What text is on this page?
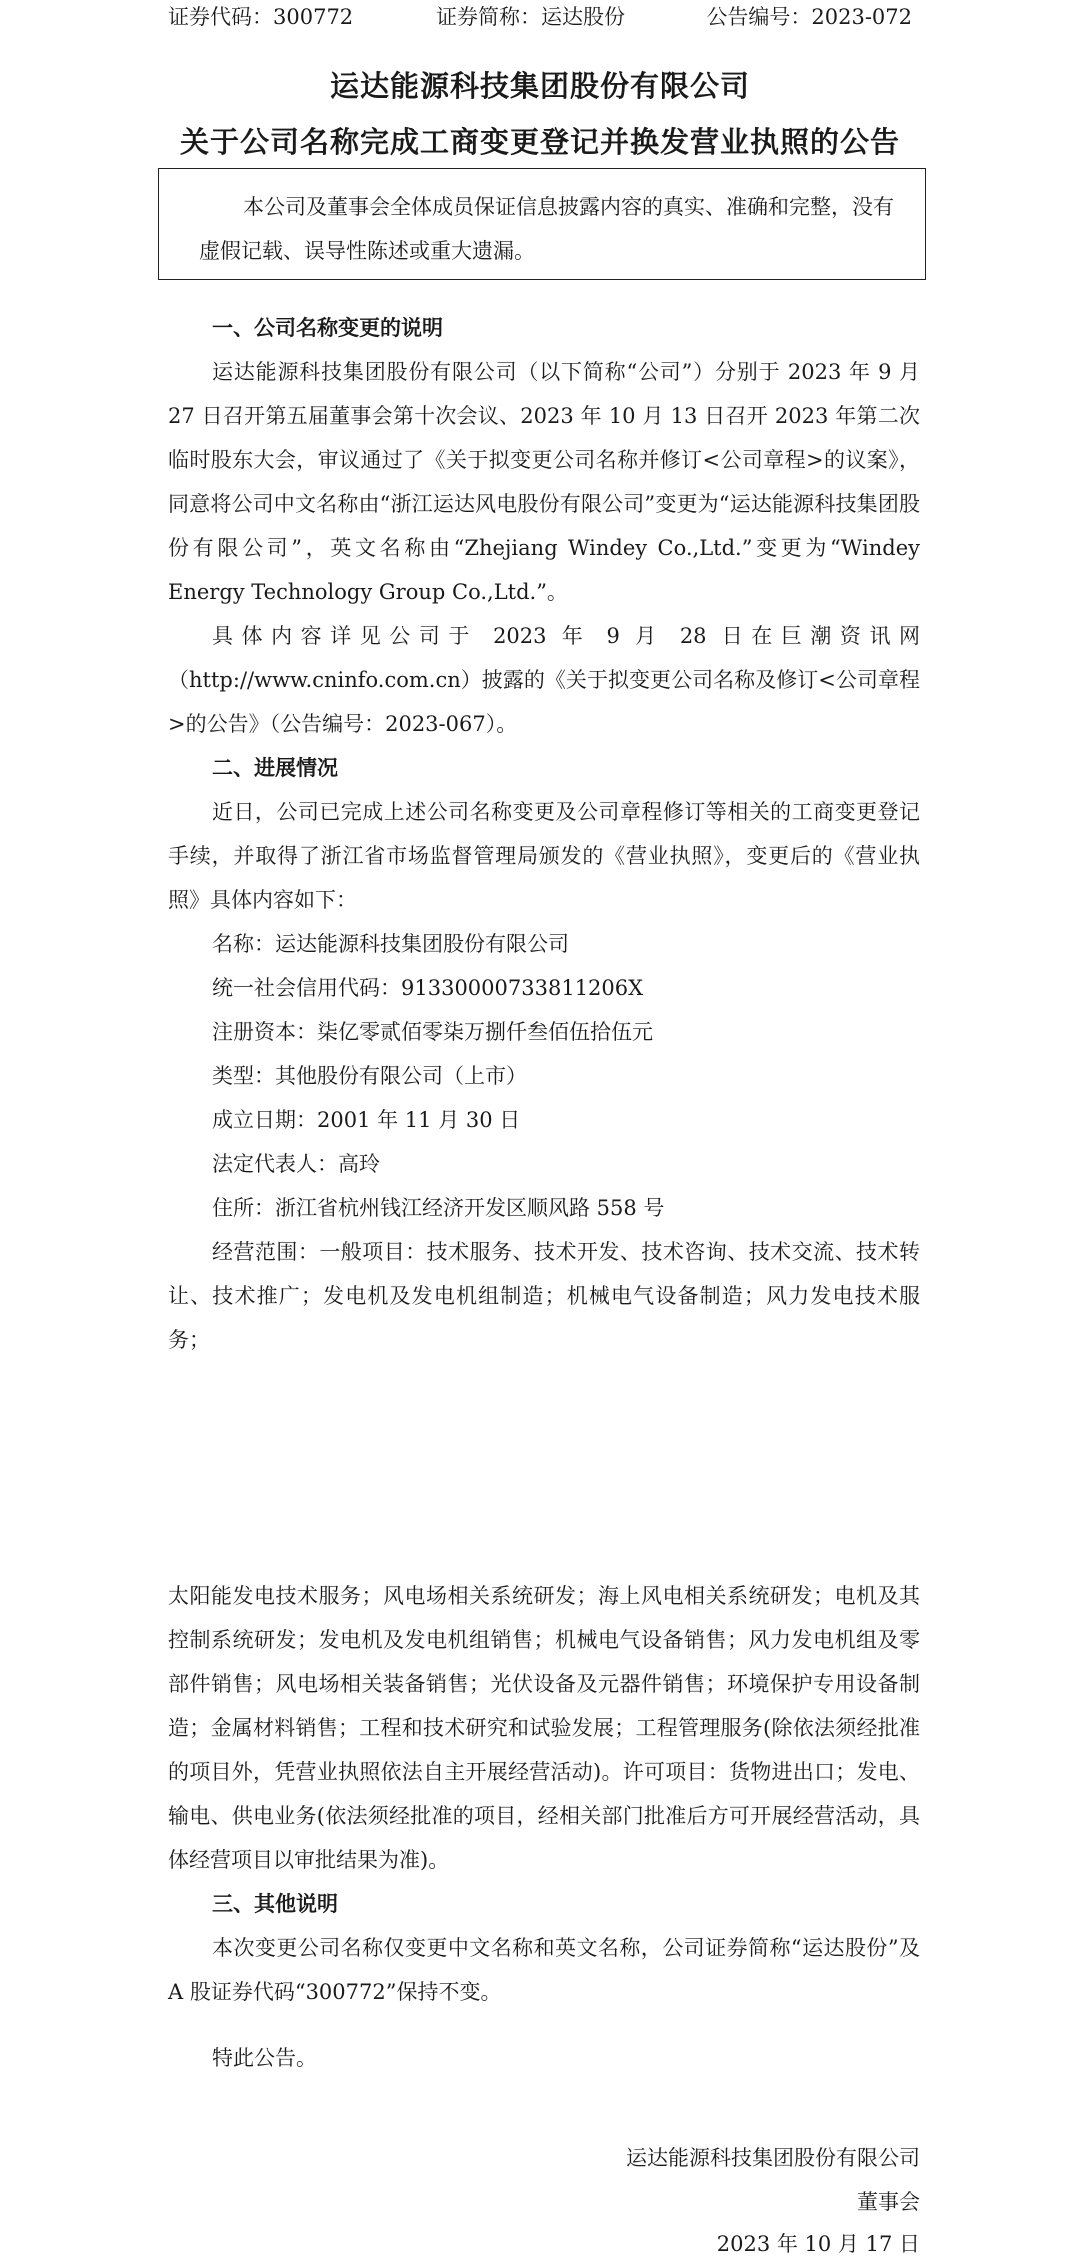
证券代码：300772	证券简称：运达股份	公告编号：2023-072
运达能源科技集团股份有限公司
关于公司名称完成工商变更登记并换发营业执照的公告
本公司及董事会全体成员保证信息披露内容的真实、准确和完整，没有虚假记载、误导性陈述或重大遗漏。
一、公司名称变更的说明
运达能源科技集团股份有限公司（以下简称“公司”）分别于 2023 年 9 月 27 日召开第五届董事会第十次会议、2023 年 10 月 13 日召开 2023 年第二次临时股东大会，审议通过了《关于拟变更公司名称并修订<公司章程>的议案》，同意将公司中文名称由“浙江运达风电股份有限公司”变更为“运达能源科技集团股份有限公司”，英文名称由“Zhejiang Windey Co.,Ltd.”变更为“Windey Energy Technology Group Co.,Ltd.”。
具体内容详见公司于 2023 年 9 月 28 日在巨潮资讯网（http://www.cninfo.com.cn）披露的《关于拟变更公司名称及修订<公司章程>的公告》（公告编号：2023-067）。
二、进展情况
近日，公司已完成上述公司名称变更及公司章程修订等相关的工商变更登记手续，并取得了浙江省市场监督管理局颁发的《营业执照》，变更后的《营业执照》具体内容如下：
名称：运达能源科技集团股份有限公司
统一社会信用代码：91330000733811206X
注册资本：柒亿零贰佰零柒万捌仟叁佰伍拾伍元
类型：其他股份有限公司（上市）
成立日期：2001 年 11 月 30 日
法定代表人：高玲
住所：浙江省杭州钱江经济开发区顺风路 558 号
经营范围：一般项目：技术服务、技术开发、技术咨询、技术交流、技术转让、技术推广；发电机及发电机组制造；机械电气设备制造；风力发电技术服务；
太阳能发电技术服务；风电场相关系统研发；海上风电相关系统研发；电机及其控制系统研发；发电机及发电机组销售；机械电气设备销售；风力发电机组及零部件销售；风电场相关装备销售；光伏设备及元器件销售；环境保护专用设备制造；金属材料销售；工程和技术研究和试验发展；工程管理服务(除依法须经批准的项目外，凭营业执照依法自主开展经营活动)。许可项目：货物进出口；发电、输电、供电业务(依法须经批准的项目，经相关部门批准后方可开展经营活动，具体经营项目以审批结果为准)。
三、其他说明
本次变更公司名称仅变更中文名称和英文名称，公司证券简称“运达股份”及 A 股证券代码“300772”保持不变。
特此公告。
运达能源科技集团股份有限公司
董事会
2023 年 10 月 17 日
